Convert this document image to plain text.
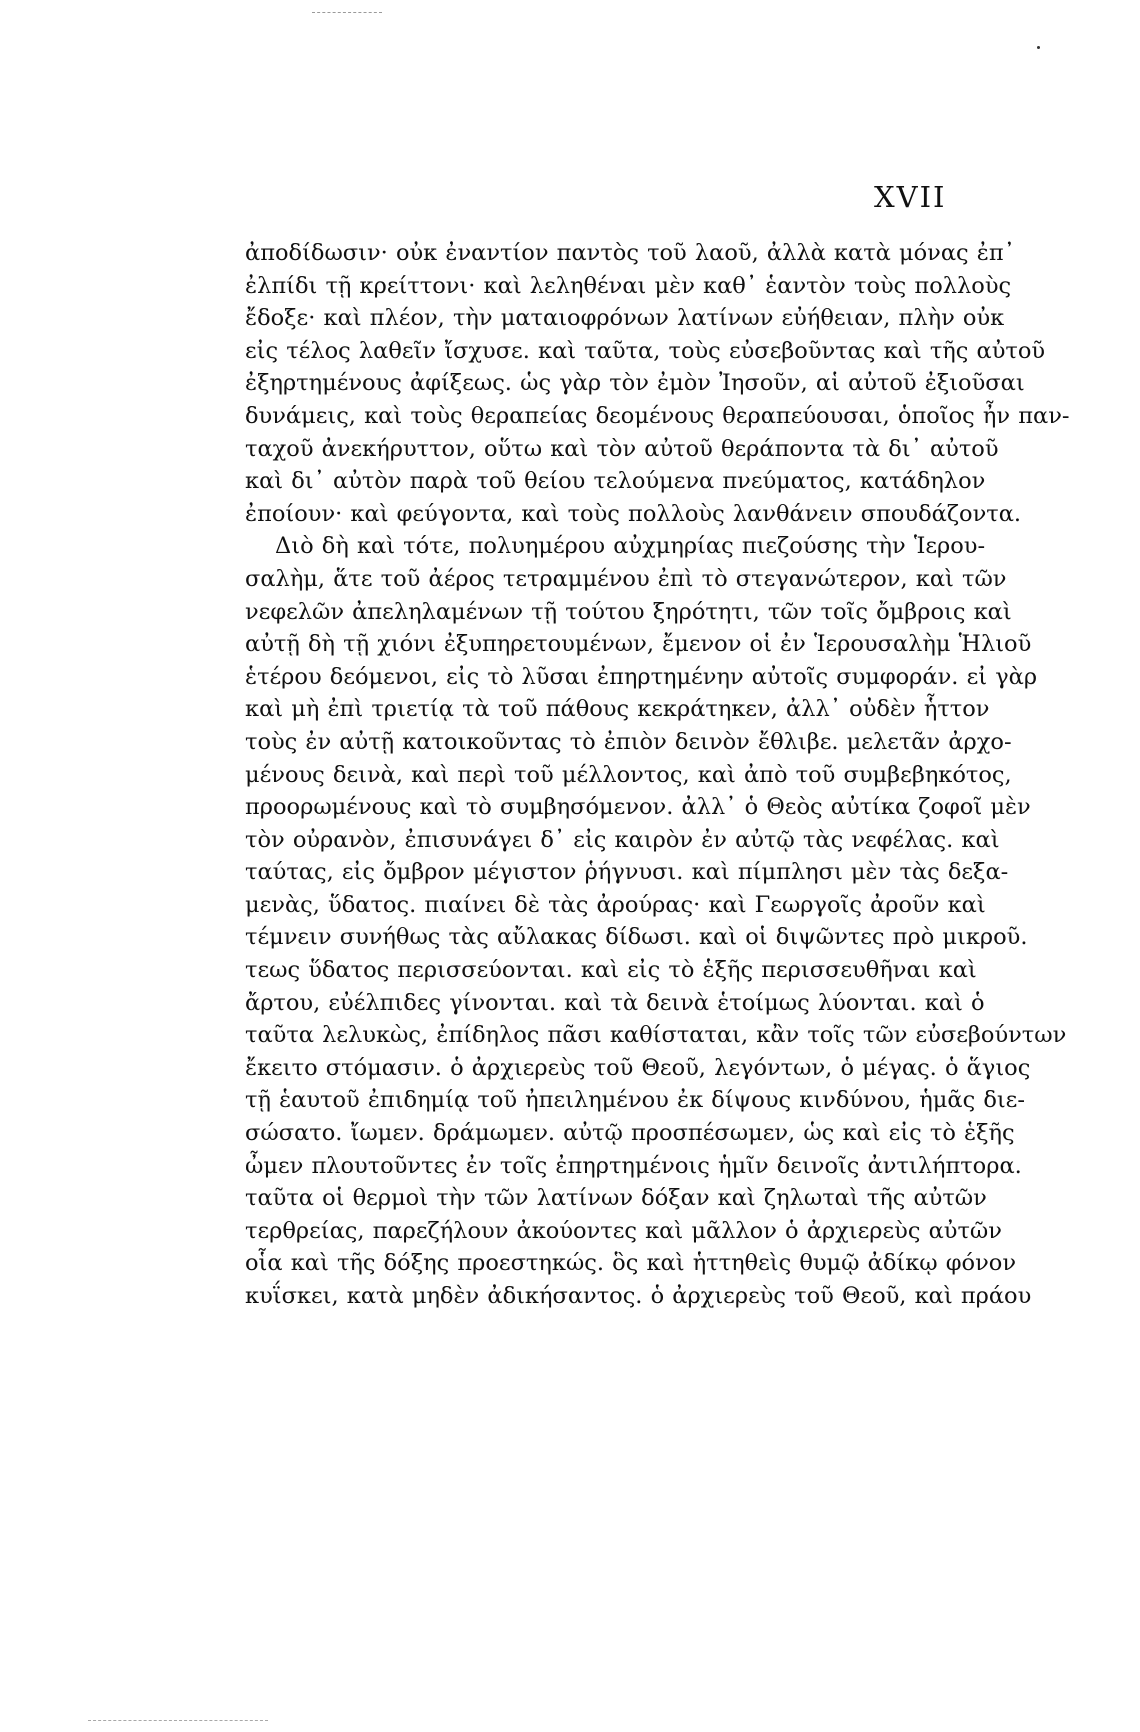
XVII
ἀποδίδωσιν· οὐκ ἐναντίον παντὸς τοῦ λαοῦ, ἀλλὰ κατὰ μόνας ἐπ᾿
ἐλπίδι τῇ κρείττονι· καὶ λεληθέναι μὲν καθ᾿ ἑαντὸν τοὺς πολλοὺς
ἔδοξε· καὶ πλέον, τὴν ματαιοφρόνων λατίνων εὐήθειαν, πλὴν οὐκ
εἰς τέλος λαθεῖν ἴσχυσε. καὶ ταῦτα, τοὺς εὐσεβοῦντας καὶ τῆς αὐτοῦ
ἐξηρτημένους ἀφίξεως. ὡς γὰρ τὸν ἐμὸν Ἰησοῦν, αἱ αὐτοῦ ἐξιοῦσαι
δυνάμεις, καὶ τοὺς θεραπείας δεομένους θεραπεύουσαι, ὁποῖος ἦν παν-
ταχοῦ ἀνεκήρυττον, οὕτω καὶ τὸν αὐτοῦ θεράποντα τὰ δι᾿ αὐτοῦ
καὶ δι᾿ αὐτὸν παρὰ τοῦ θείου τελούμενα πνεύματος, κατάδηλον
ἐποίουν· καὶ φεύγοντα, καὶ τοὺς πολλοὺς λανθάνειν σπουδάζοντα.
Διὸ δὴ καὶ τότε, πολυημέρου αὐχμηρίας πιεζούσης τὴν Ἱερου-
σαλὴμ, ἅτε τοῦ ἀέρος τετραμμένου ἐπὶ τὸ στεγανώτερον, καὶ τῶν
νεφελῶν ἀπεληλαμένων τῇ τούτου ξηρότητι, τῶν τοῖς ὄμβροις καὶ
αὐτῇ δὴ τῇ χιόνι ἐξυπηρετουμένων, ἔμενον οἱ ἐν Ἱερουσαλὴμ Ἡλιοῦ
ἑτέρου δεόμενοι, εἰς τὸ λῦσαι ἐπηρτημένην αὐτοῖς συμφοράν. εἰ γὰρ
καὶ μὴ ἐπὶ τριετίᾳ τὰ τοῦ πάθους κεκράτηκεν, ἀλλ᾿ οὐδὲν ἧττον
τοὺς ἐν αὐτῇ κατοικοῦντας τὸ ἐπιὸν δεινὸν ἔθλιβε. μελετᾶν ἀρχο-
μένους δεινὰ, καὶ περὶ τοῦ μέλλοντος, καὶ ἀπὸ τοῦ συμβεβηκότος,
προορωμένους καὶ τὸ συμβησόμενον. ἀλλ᾿ ὁ Θεὸς αὐτίκα ζοφοῖ μὲν
τὸν οὐρανὸν, ἐπισυνάγει δ᾿ εἰς καιρὸν ἐν αὐτῷ τὰς νεφέλας. καὶ
ταύτας, εἰς ὄμβρον μέγιστον ῥήγνυσι. καὶ πίμπλησι μὲν τὰς δεξα-
μενὰς, ὕδατος. πιαίνει δὲ τὰς ἀρούρας· καὶ Γεωργοῖς ἀροῦν καὶ
τέμνειν συνήθως τὰς αὔλακας δίδωσι. καὶ οἱ διψῶντες πρὸ μικροῦ.
τεως ὕδατος περισσεύονται. καὶ εἰς τὸ ἑξῆς περισσευθῆναι καὶ
ἄρτου, εὐέλπιδες γίνονται. καὶ τὰ δεινὰ ἑτοίμως λύονται. καὶ ὁ
ταῦτα λελυκὼς, ἐπίδηλος πᾶσι καθίσταται, κἂν τοῖς τῶν εὐσεβούντων
ἔκειτο στόμασιν. ὁ ἀρχιερεὺς τοῦ Θεοῦ, λεγόντων, ὁ μέγας. ὁ ἅγιος
τῇ ἑαυτοῦ ἐπιδημίᾳ τοῦ ἠπειλημένου ἐκ δίψους κινδύνου, ἡμᾶς διε-
σώσατο. ἴωμεν. δράμωμεν. αὐτῷ προσπέσωμεν, ὡς καὶ εἰς τὸ ἑξῆς
ὦμεν πλουτοῦντες ἐν τοῖς ἐπηρτημένοις ἡμῖν δεινοῖς ἀντιλήπτορα.
ταῦτα οἱ θερμοὶ τὴν τῶν λατίνων δόξαν καὶ ζηλωταὶ τῆς αὐτῶν
τερθρείας, παρεζήλουν ἀκούοντες καὶ μᾶλλον ὁ ἀρχιερεὺς αὐτῶν
οἷα καὶ τῆς δόξης προεστηκώς. ὃς καὶ ἡττηθεὶς θυμῷ ἀδίκῳ φόνον
κυΐσκει, κατὰ μηδὲν ἀδικήσαντος. ὁ ἀρχιερεὺς τοῦ Θεοῦ, καὶ πράου
